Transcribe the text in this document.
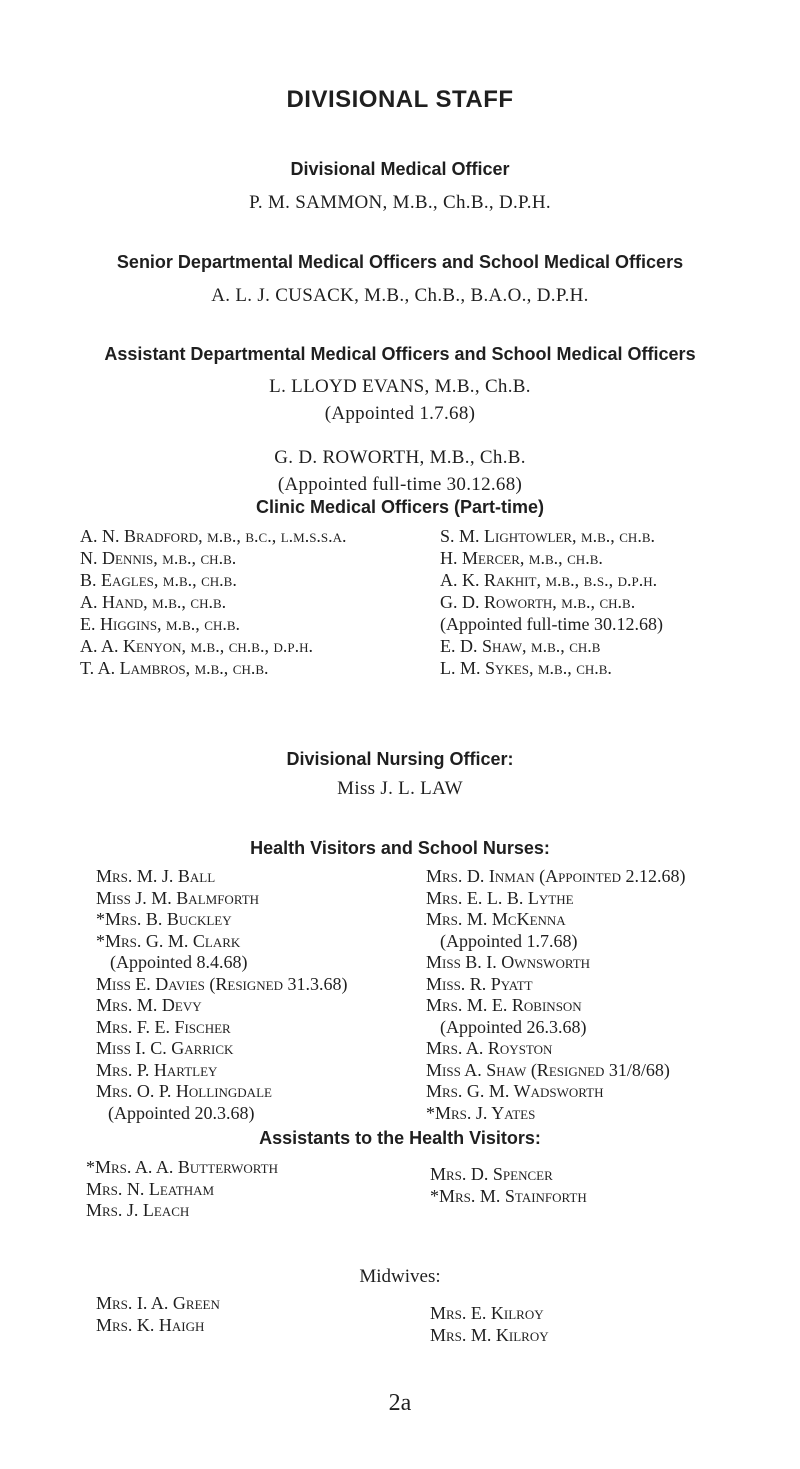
DIVISIONAL STAFF
Divisional Medical Officer
P. M. SAMMON, M.B., Ch.B., D.P.H.
Senior Departmental Medical Officers and School Medical Officers
A. L. J. CUSACK, M.B., Ch.B., B.A.O., D.P.H.
Assistant Departmental Medical Officers and School Medical Officers
L. LLOYD EVANS, M.B., Ch.B.
(Appointed 1.7.68)
G. D. ROWORTH, M.B., Ch.B.
(Appointed full-time 30.12.68)
Clinic Medical Officers (Part-time)
A. N. Bradford, m.b., b.c., l.m.s.s.a.
N. Dennis, m.b., ch.b.
B. Eagles, m.b., ch.b.
A. Hand, m.b., ch.b.
E. Higgins, m.b., ch.b.
A. A. Kenyon, m.b., ch.b., d.p.h.
T. A. Lambros, m.b., ch.b.
S. M. Lightowler, m.b., ch.b.
H. Mercer, m.b., ch.b.
A. K. Rakhit, m.b., b.s., d.p.h.
G. D. Roworth, m.b., ch.b.
(Appointed full-time 30.12.68)
E. D. Shaw, m.b., ch.b
L. M. Sykes, m.b., ch.b.
Divisional Nursing Officer:
Miss J. L. LAW
Health Visitors and School Nurses:
Mrs. M. J. Ball
Miss J. M. Balmforth
*Mrs. B. Buckley
*Mrs. G. M. Clark
(Appointed 8.4.68)
Miss E. Davies (Resigned 31.3.68)
Mrs. M. Devy
Mrs. F. E. Fischer
Miss I. C. Garrick
Mrs. P. Hartley
Mrs. O. P. Hollingdale
(Appointed 20.3.68)
Mrs. D. Inman (Appointed 2.12.68)
Mrs. E. L. B. Lythe
Mrs. M. McKenna
(Appointed 1.7.68)
Miss B. I. Ownsworth
Miss. R. Pyatt
Mrs. M. E. Robinson
(Appointed 26.3.68)
Mrs. A. Royston
Miss A. Shaw (Resigned 31/8/68)
Mrs. G. M. Wadsworth
*Mrs. J. Yates
Assistants to the Health Visitors:
*Mrs. A. A. Butterworth
Mrs. N. Leatham
Mrs. J. Leach
Mrs. D. Spencer
*Mrs. M. Stainforth
Midwives:
Mrs. I. A. Green
Mrs. K. Haigh
Mrs. E. Kilroy
Mrs. M. Kilroy
2a
